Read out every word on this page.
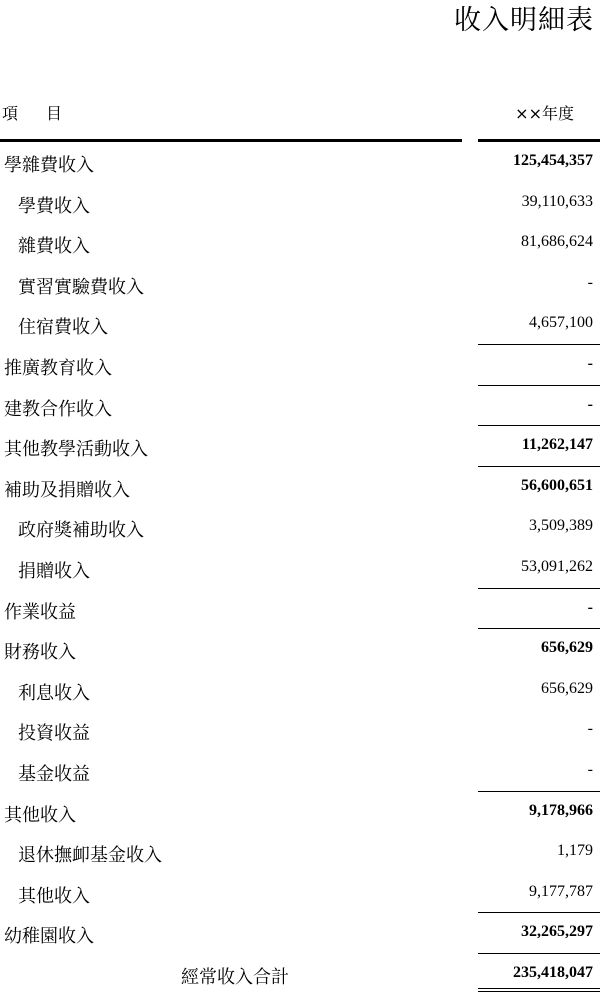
收入明細表
項 目	××年度
學雜費收入	125,454,357
學費收入	39,110,633
雜費收入	81,686,624
實習實驗費收入	-
住宿費收入	4,657,100
推廣教育收入	-
建教合作收入	-
其他教學活動收入	11,262,147
補助及捐贈收入	56,600,651
政府獎補助收入	3,509,389
捐贈收入	53,091,262
作業收益	-
財務收入	656,629
利息收入	656,629
投資收益	-
基金收益	-
其他收入	9,178,966
退休撫卹基金收入	1,179
其他收入	9,177,787
幼稚園收入	32,265,297
經常收入合計	235,418,047
